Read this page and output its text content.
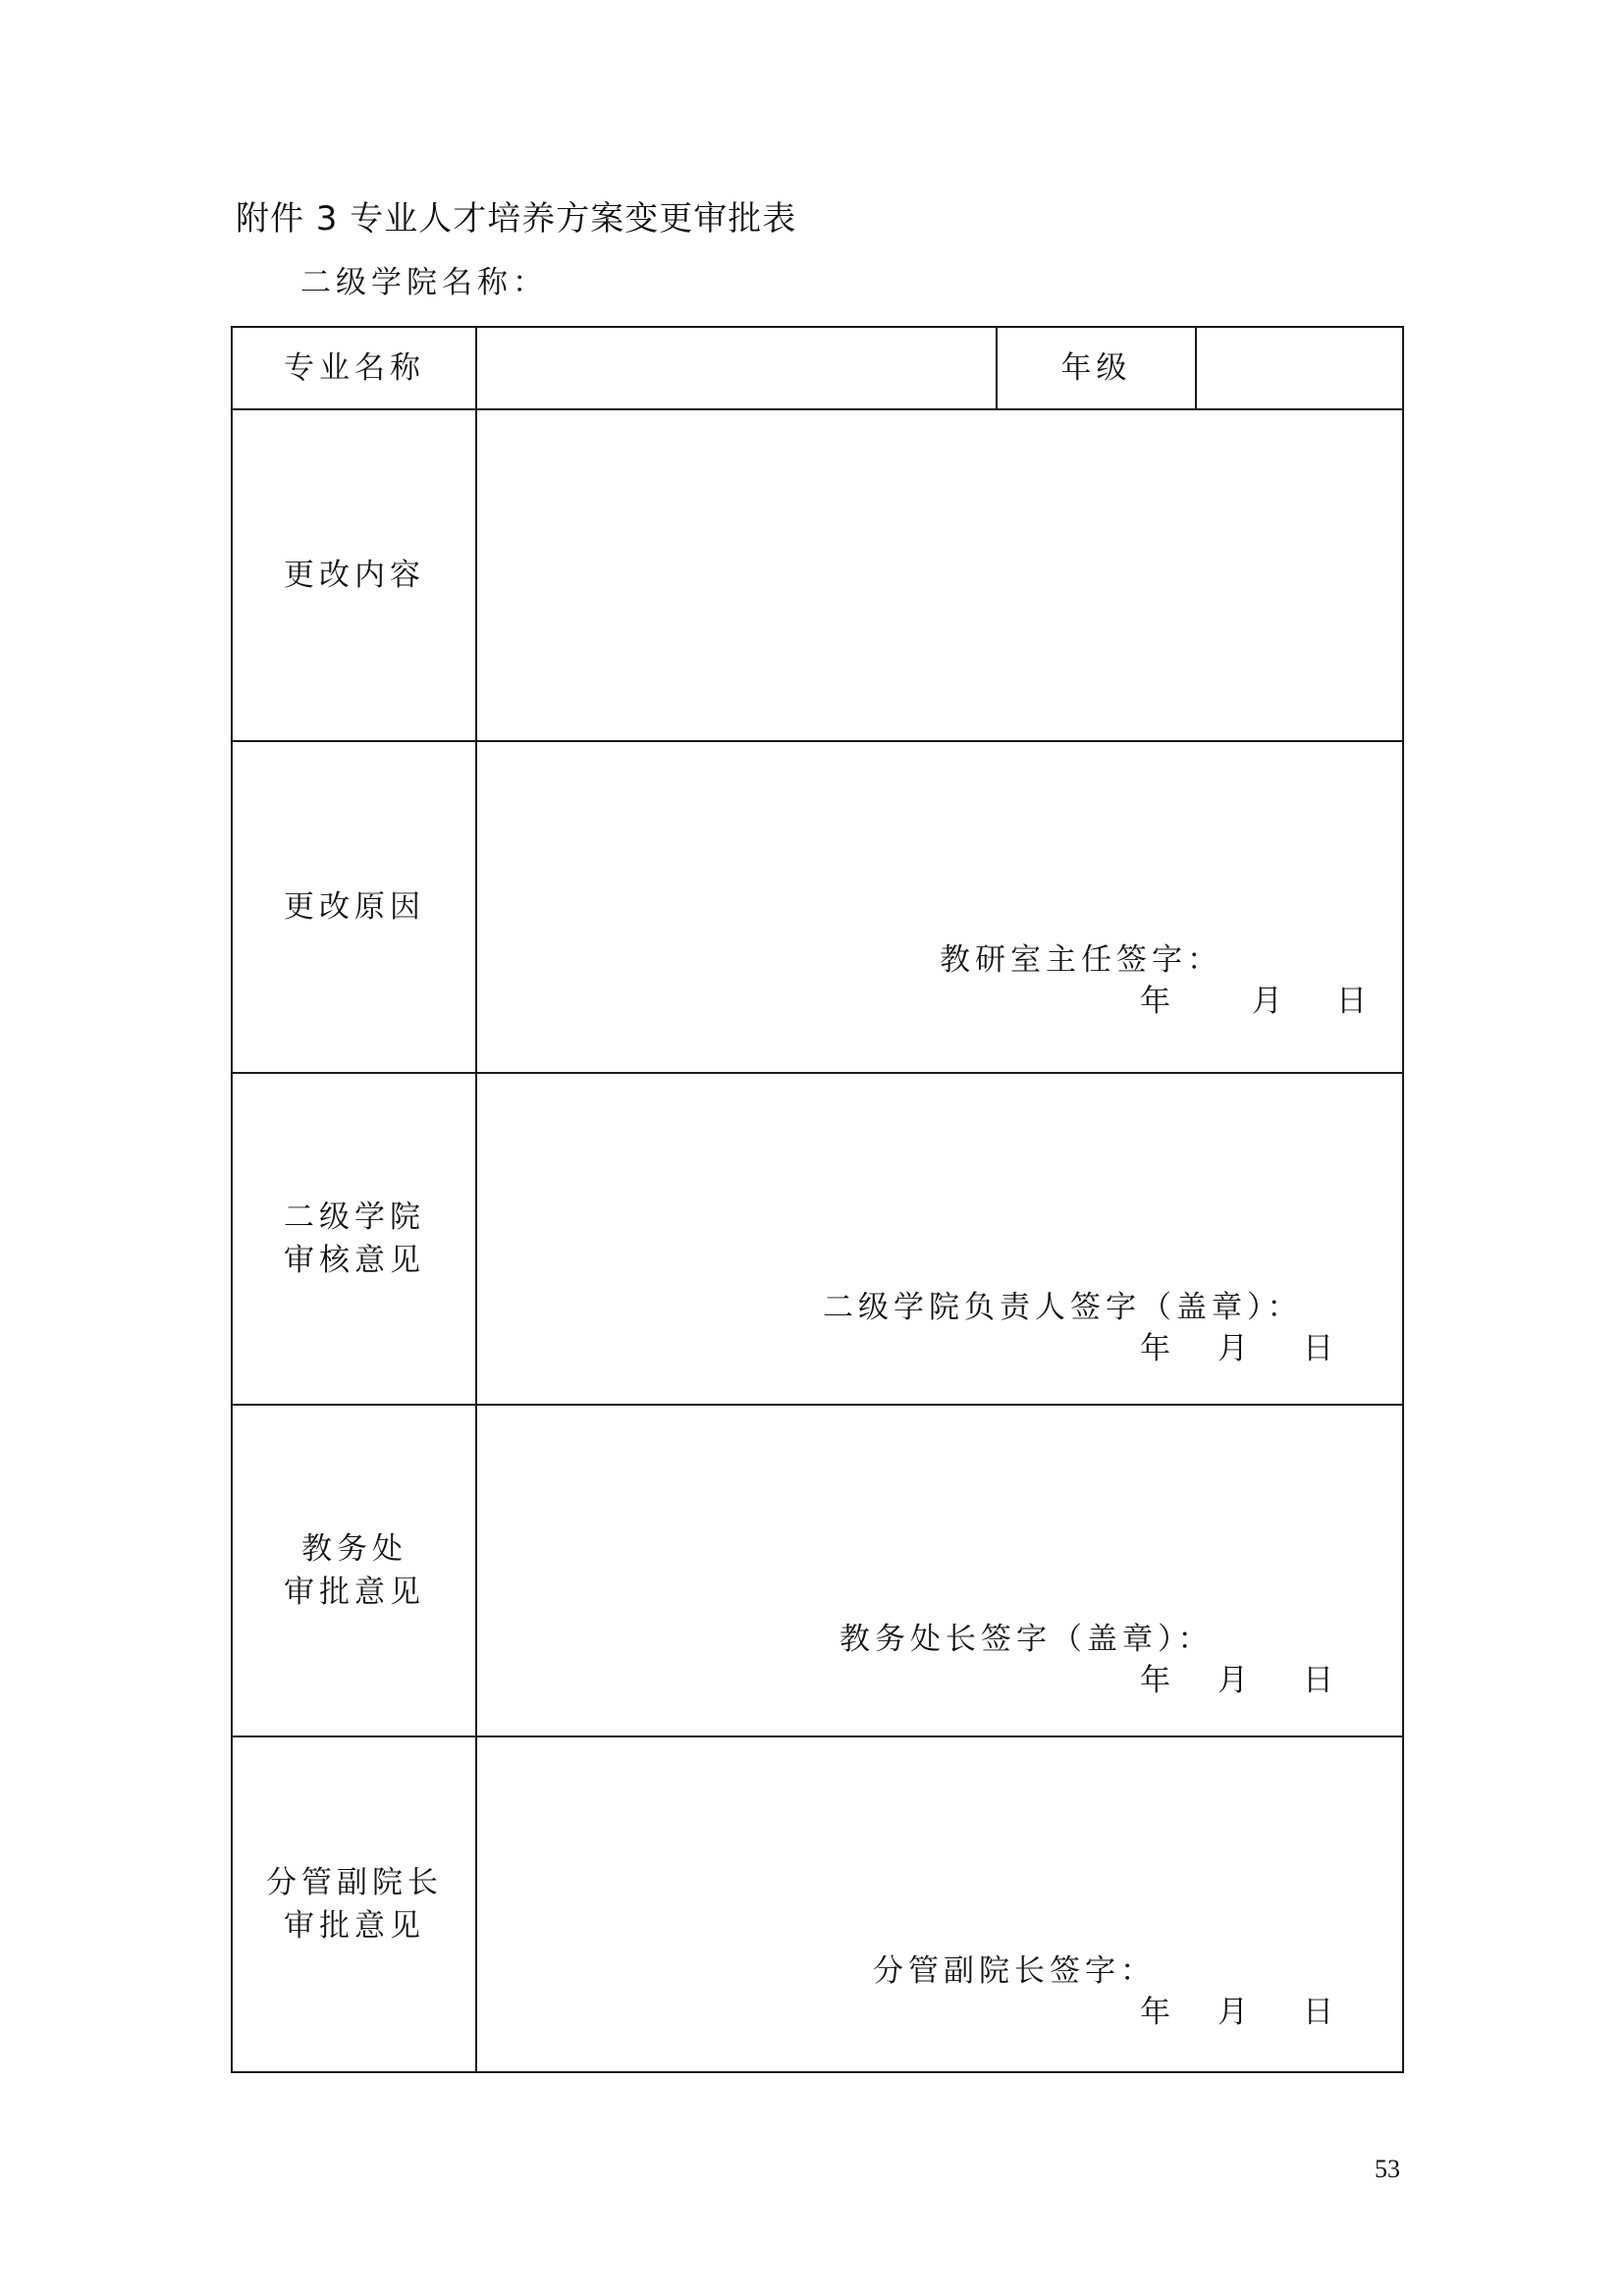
附件 3 专业人才培养方案变更审批表
二级学院名称：
专业名称	年级
更改内容
更改原因
教研室主任签字：
年	月 日
二级学院
审核意见
二级学院负责人签字（盖章）：
年 月 日
教务处
审批意见
教务处长签字（盖章）：
年 月 日
分管副院长
审批意见
分管副院长签字：
年 月 日
53
